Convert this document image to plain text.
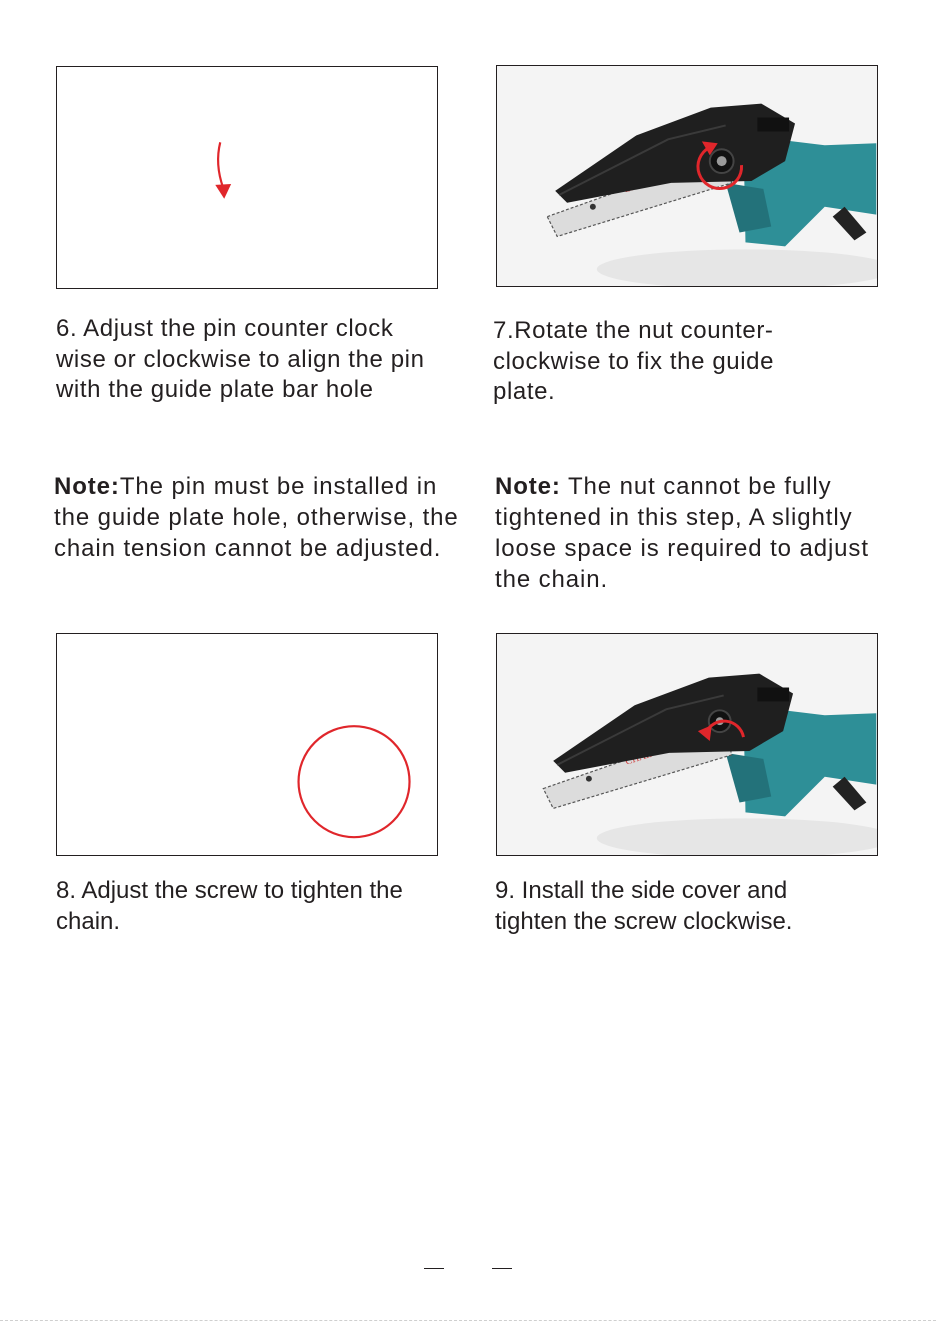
6. Adjust the pin counter clock wise or clockwise to align the pin with the guide plate bar hole

7.Rotate the nut counter-clockwise to fix the guide plate.

Note:The pin must be installed in the guide plate hole, otherwise, the chain tension cannot be adjusted.

Note: The nut cannot be fully tightened in this step, A slightly loose space is required to adjust the chain.

8. Adjust the screw to tighten the chain.

9. Install the side cover and tighten the screw clockwise.
